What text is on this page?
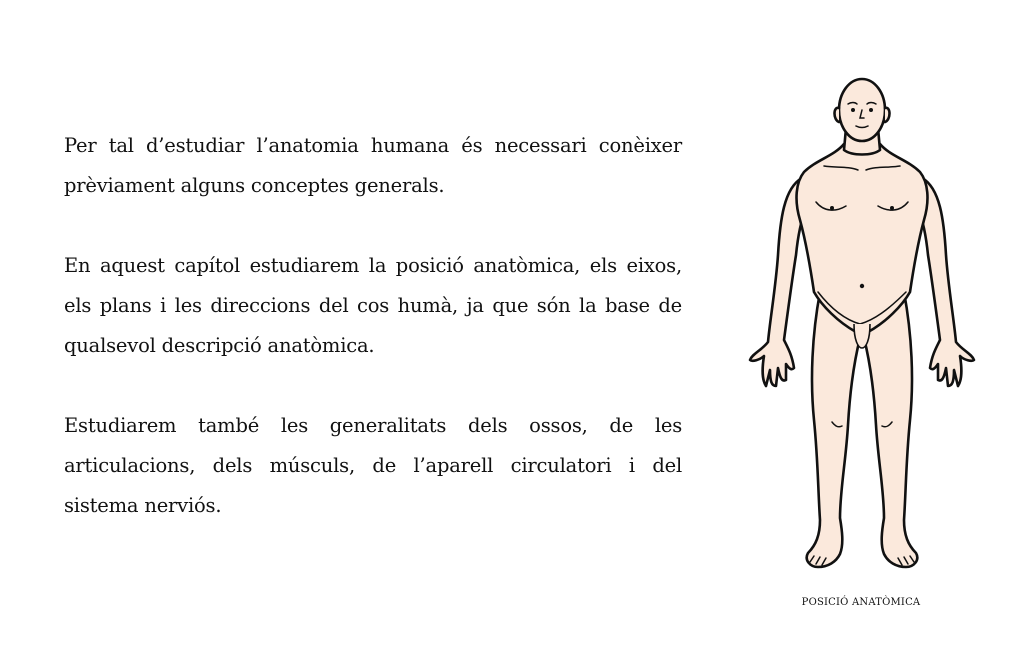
Per tal d’estudiar l’anatomia humana és necessari conèixer prèviament alguns conceptes generals.

En aquest capítol estudiarem la posició anatòmica, els eixos, els plans i les direccions del cos humà, ja que són la base de qualsevol descripció anatòmica.

Estudiarem també les generalitats dels ossos, de les articulacions, dels músculs, de l’aparell circulatori i del sistema nerviós.

POSICIÓ ANATÒMICA
